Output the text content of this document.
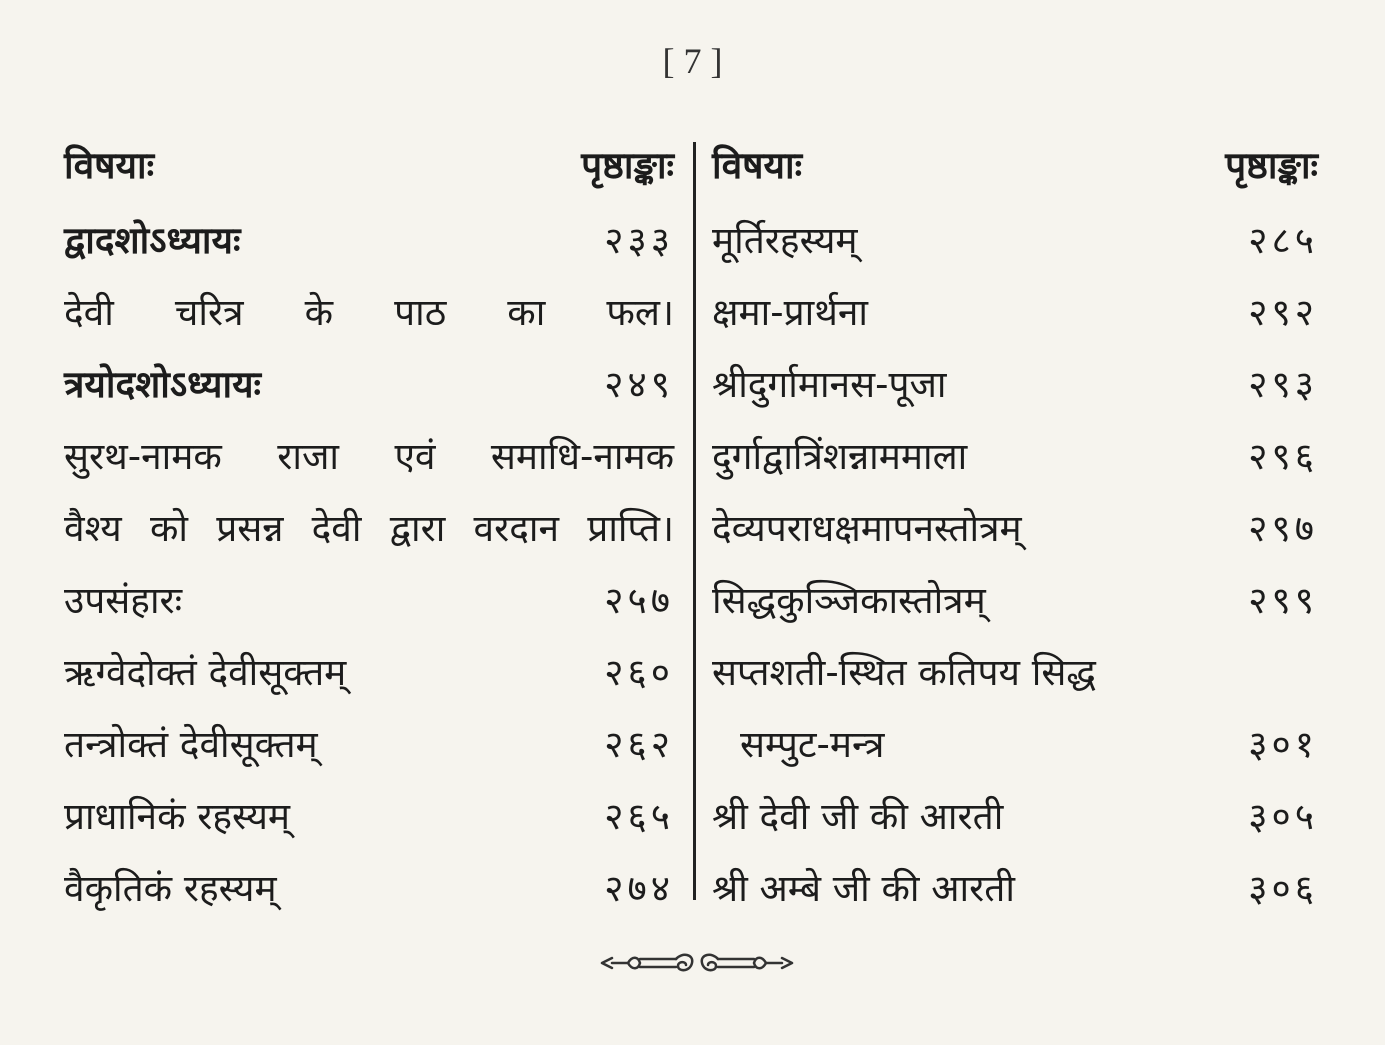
[ 7 ]
विषयाः	पृष्ठाङ्काः
द्वादशोऽध्यायः	२३३
देवी चरित्र के पाठ का फल।
त्रयोदशोऽध्यायः	२४९
सुरथ-नामक राजा एवं समाधि-नामक
वैश्य को प्रसन्न देवी द्वारा वरदान प्राप्ति।
उपसंहारः	२५७
ऋग्वेदोक्तं देवीसूक्तम्	२६०
तन्त्रोक्तं देवीसूक्तम्	२६२
प्राधानिकं रहस्यम्	२६५
वैकृतिकं रहस्यम्	२७४
विषयाः	पृष्ठाङ्काः
मूर्तिरहस्यम्	२८५
क्षमा-प्रार्थना	२९२
श्रीदुर्गामानस-पूजा	२९३
दुर्गाद्वात्रिंशन्नाममाला	२९६
देव्यपराधक्षमापनस्तोत्रम्	२९७
सिद्धकुञ्जिकास्तोत्रम्	२९९
सप्तशती-स्थित कतिपय सिद्ध
सम्पुट-मन्त्र	३०१
श्री देवी जी की आरती	३०५
श्री अम्बे जी की आरती	३०६
